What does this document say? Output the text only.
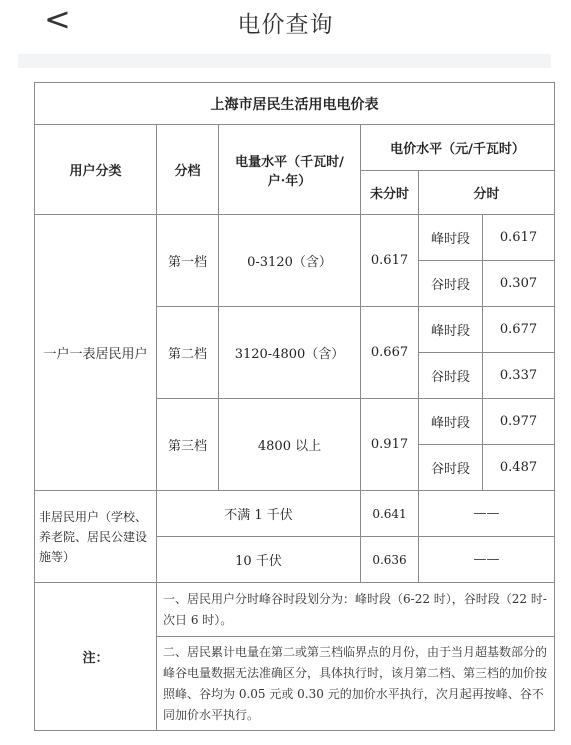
<	电价查询
上海市居民生活用电电价表					
用户分类	分档	电量水平（千瓦时/户·年）	电价水平（元/千瓦时）		
			未分时	分时	
一户一表居民用户	第一档	0-3120（含）	0.617	峰时段	0.617
				谷时段	0.307
	第二档	3120-4800（含）	0.667	峰时段	0.677
				谷时段	0.337
	第三档	4800 以上	0.917	峰时段	0.977
				谷时段	0.487
非居民用户（学校、养老院、居民公建设施等）	不满 1 千伏		0.641	——	
	10 千伏		0.636	——	
注：	一、居民用户分时峰谷时段划分为：峰时段（6-22 时），谷时段（22 时-次日 6 时）。				
	二、居民累计电量在第二或第三档临界点的月份，由于当月超基数部分的峰谷电量数据无法准确区分，具体执行时，该月第二档、第三档的加价按照峰、谷均为 0.05 元或 0.30 元的加价水平执行，次月起再按峰、谷不同加价水平执行。				
